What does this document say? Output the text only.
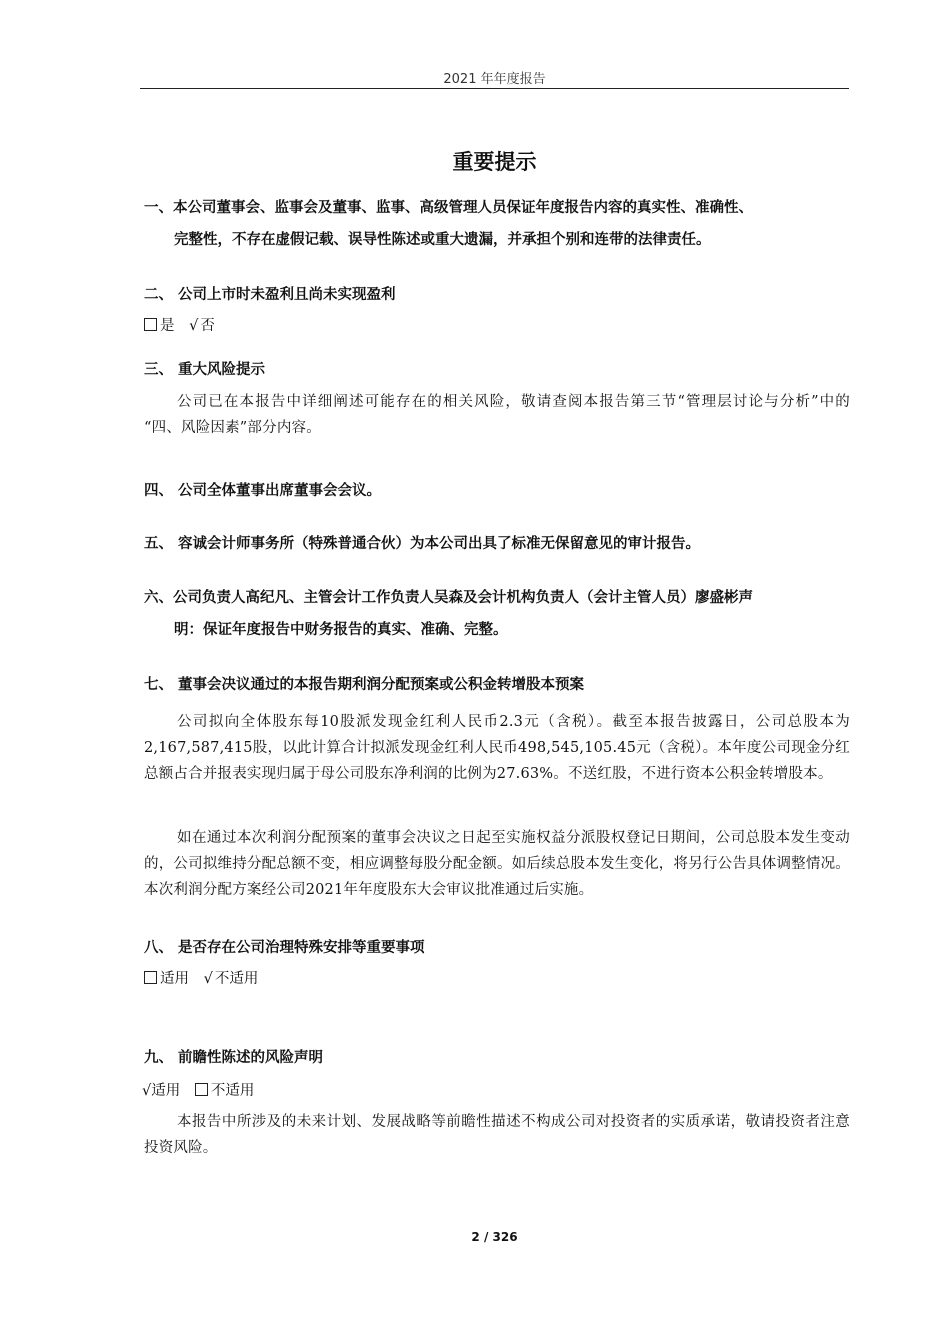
2021 年年度报告
重要提示
一、本公司董事会、监事会及董事、监事、高级管理人员保证年度报告内容的真实性、准确性、
完整性，不存在虚假记载、误导性陈述或重大遗漏，并承担个别和连带的法律责任。
二、 公司上市时未盈利且尚未实现盈利
是 √ 否
三、 重大风险提示
公司已在本报告中详细阐述可能存在的相关风险，敬请查阅本报告第三节“管理层讨论与分析”中的 “四、风险因素”部分内容。
四、 公司全体董事出席董事会会议。
五、 容诚会计师事务所（特殊普通合伙）为本公司出具了标准无保留意见的审计报告。
六、公司负责人高纪凡、主管会计工作负责人吴森及会计机构负责人（会计主管人员）廖盛彬声
明：保证年度报告中财务报告的真实、准确、完整。
七、 董事会决议通过的本报告期利润分配预案或公积金转增股本预案
公司拟向全体股东每10股派发现金红利人民币2.3元（含税）。截至本报告披露日，公司总股本为2,167,587,415股，以此计算合计拟派发现金红利人民币498,545,105.45元（含税）。本年度公司现金分红总额占合并报表实现归属于母公司股东净利润的比例为27.63%。不送红股，不进行资本公积金转增股本。
如在通过本次利润分配预案的董事会决议之日起至实施权益分派股权登记日期间，公司总股本发生变动的，公司拟维持分配总额不变，相应调整每股分配金额。如后续总股本发生变化，将另行公告具体调整情况。本次利润分配方案经公司2021年年度股东大会审议批准通过后实施。
八、 是否存在公司治理特殊安排等重要事项
适用 √ 不适用
九、 前瞻性陈述的风险声明
√适用 不适用
本报告中所涉及的未来计划、发展战略等前瞻性描述不构成公司对投资者的实质承诺，敬请投资者注意投资风险。
2 / 326
